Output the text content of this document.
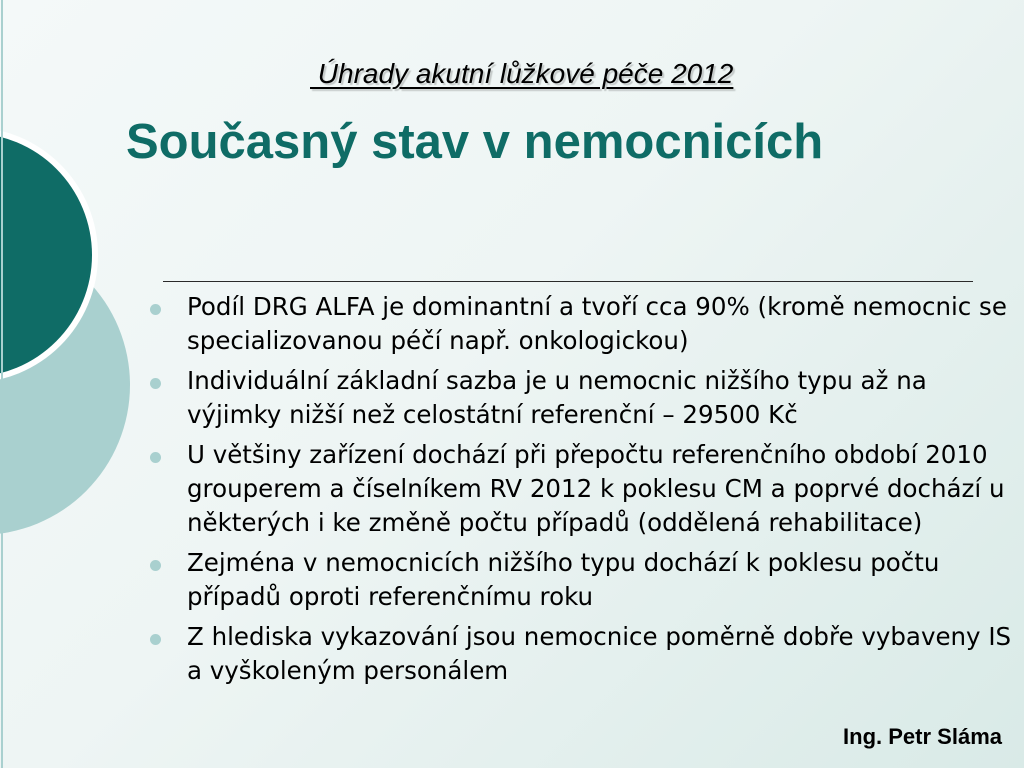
Úhrady akutní lůžkové péče 2012
Současný stav v nemocnicích
Podíl DRG ALFA je dominantní a tvoří cca 90% (kromě nemocnic se specializovanou péčí např. onkologickou)
Individuální základní sazba je u nemocnic nižšího typu až na výjimky nižší než celostátní referenční – 29500 Kč
U většiny zařízení dochází při přepočtu referenčního období 2010 grouperem a číselníkem RV 2012 k poklesu CM a poprvé dochází u některých i ke změně počtu případů (oddělená rehabilitace)
Zejména v nemocnicích nižšího typu dochází k poklesu počtu případů oproti referenčnímu roku
Z hlediska vykazování jsou nemocnice poměrně dobře vybaveny IS a vyškoleným personálem
Ing. Petr Sláma
